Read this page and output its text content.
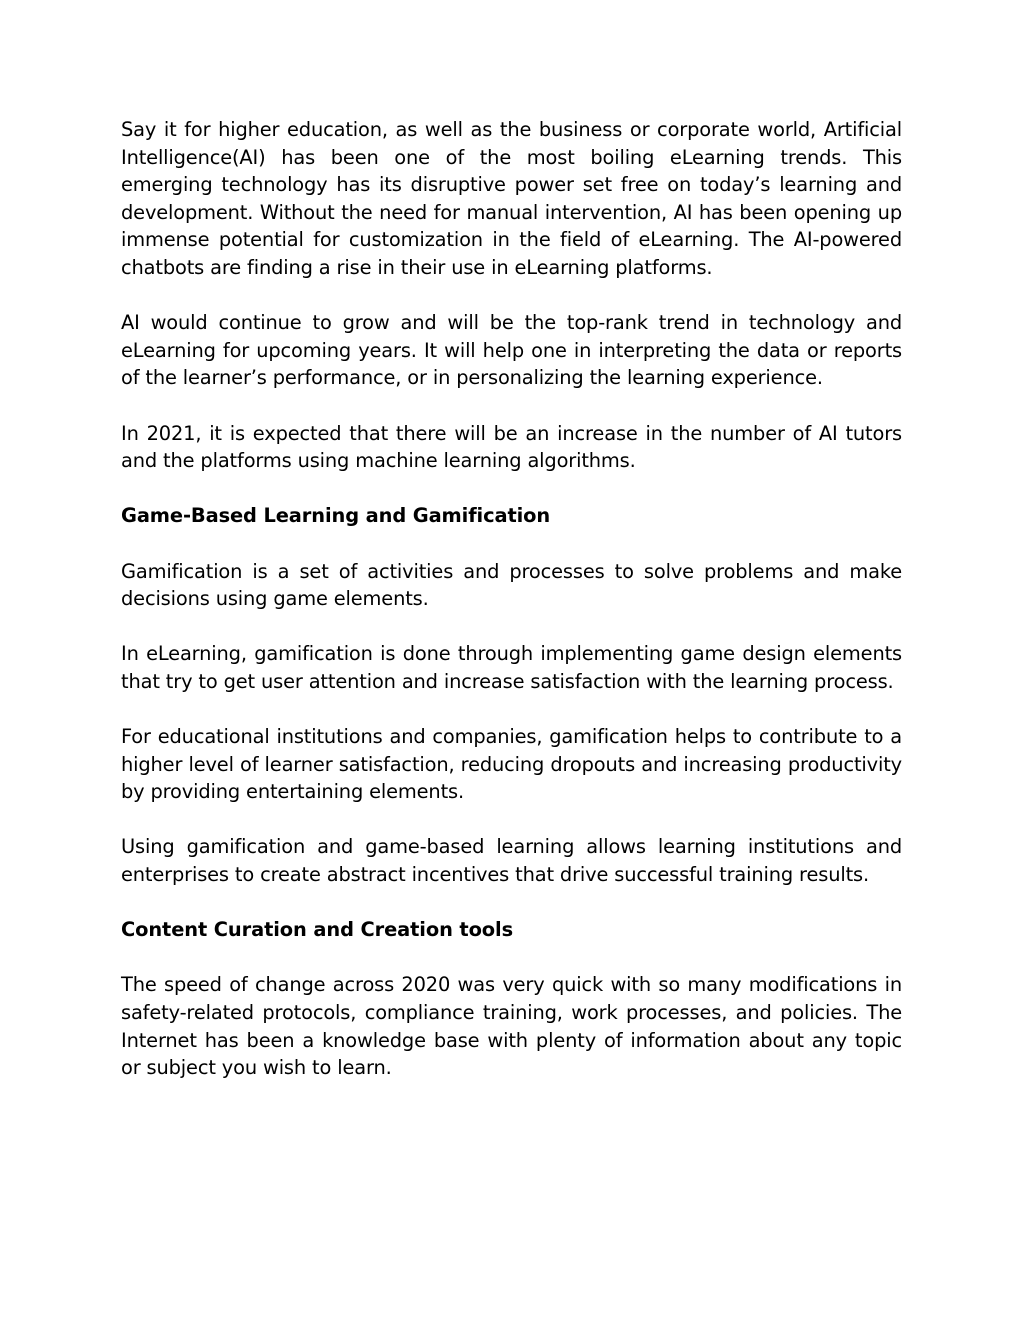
Say it for higher education, as well as the business or corporate world, Artificial Intelligence(AI) has been one of the most boiling eLearning trends. This emerging technology has its disruptive power set free on today’s learning and development. Without the need for manual intervention, AI has been opening up immense potential for customization in the field of eLearning. The AI-powered chatbots are finding a rise in their use in eLearning platforms.

AI would continue to grow and will be the top-rank trend in technology and eLearning for upcoming years. It will help one in interpreting the data or reports of the learner’s performance, or in personalizing the learning experience.

In 2021, it is expected that there will be an increase in the number of AI tutors and the platforms using machine learning algorithms.

Game-Based Learning and Gamification

Gamification is a set of activities and processes to solve problems and make decisions using game elements.

In eLearning, gamification is done through implementing game design elements that try to get user attention and increase satisfaction with the learning process.

For educational institutions and companies, gamification helps to contribute to a higher level of learner satisfaction, reducing dropouts and increasing productivity by providing entertaining elements.

Using gamification and game-based learning allows learning institutions and enterprises to create abstract incentives that drive successful training results.

Content Curation and Creation tools

The speed of change across 2020 was very quick with so many modifications in safety-related protocols, compliance training, work processes, and policies. The Internet has been a knowledge base with plenty of information about any topic or subject you wish to learn.
